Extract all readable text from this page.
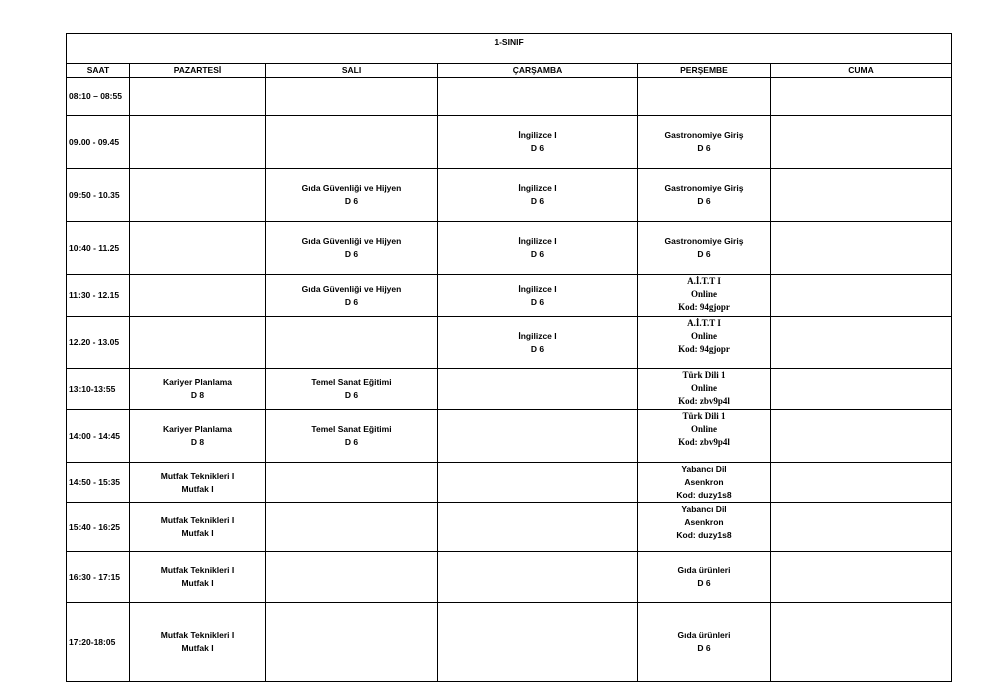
1-SINIF					
SAAT	PAZARTESİ	SALI	ÇARŞAMBA	PERŞEMBE	CUMA
08:10 – 08:55					
09.00 - 09.45			İngilizce I
D 6	Gastronomiye Giriş
D 6	

09:50 - 10.35		Gıda Güvenliği ve Hijyen
D 6	İngilizce I
D 6	Gastronomiye Giriş
D 6	

10:40 - 11.25		Gıda Güvenliği ve Hijyen
D 6	İngilizce I
D 6	Gastronomiye Giriş
D 6	

11:30 - 12.15		Gıda Güvenliği ve Hijyen
D 6	İngilizce I
D 6	A.İ.T.T I
Online
Kod: 94gjopr	

12.20 - 13.05			İngilizce I
D 6	A.İ.T.T I
Online
Kod: 94gjopr	

13:10-13:55	Kariyer Planlama
D 8	Temel Sanat Eğitimi
D 6		Türk Dili 1
Online
Kod: zbv9p4l	

14:00 - 14:45	Kariyer Planlama
D 8	Temel Sanat Eğitimi
D 6		Türk Dili 1
Online
Kod: zbv9p4l	

14:50 - 15:35	Mutfak Teknikleri I
Mutfak I			Yabancı Dil
Asenkron
Kod: duzy1s8	

15:40 - 16:25	Mutfak Teknikleri I
Mutfak I			Yabancı Dil
Asenkron
Kod: duzy1s8	

16:30 - 17:15	Mutfak Teknikleri I
Mutfak I			Gıda ürünleri
D 6	

17:20-18:05	Mutfak Teknikleri I
Mutfak I			Gıda ürünleri
D 6	
